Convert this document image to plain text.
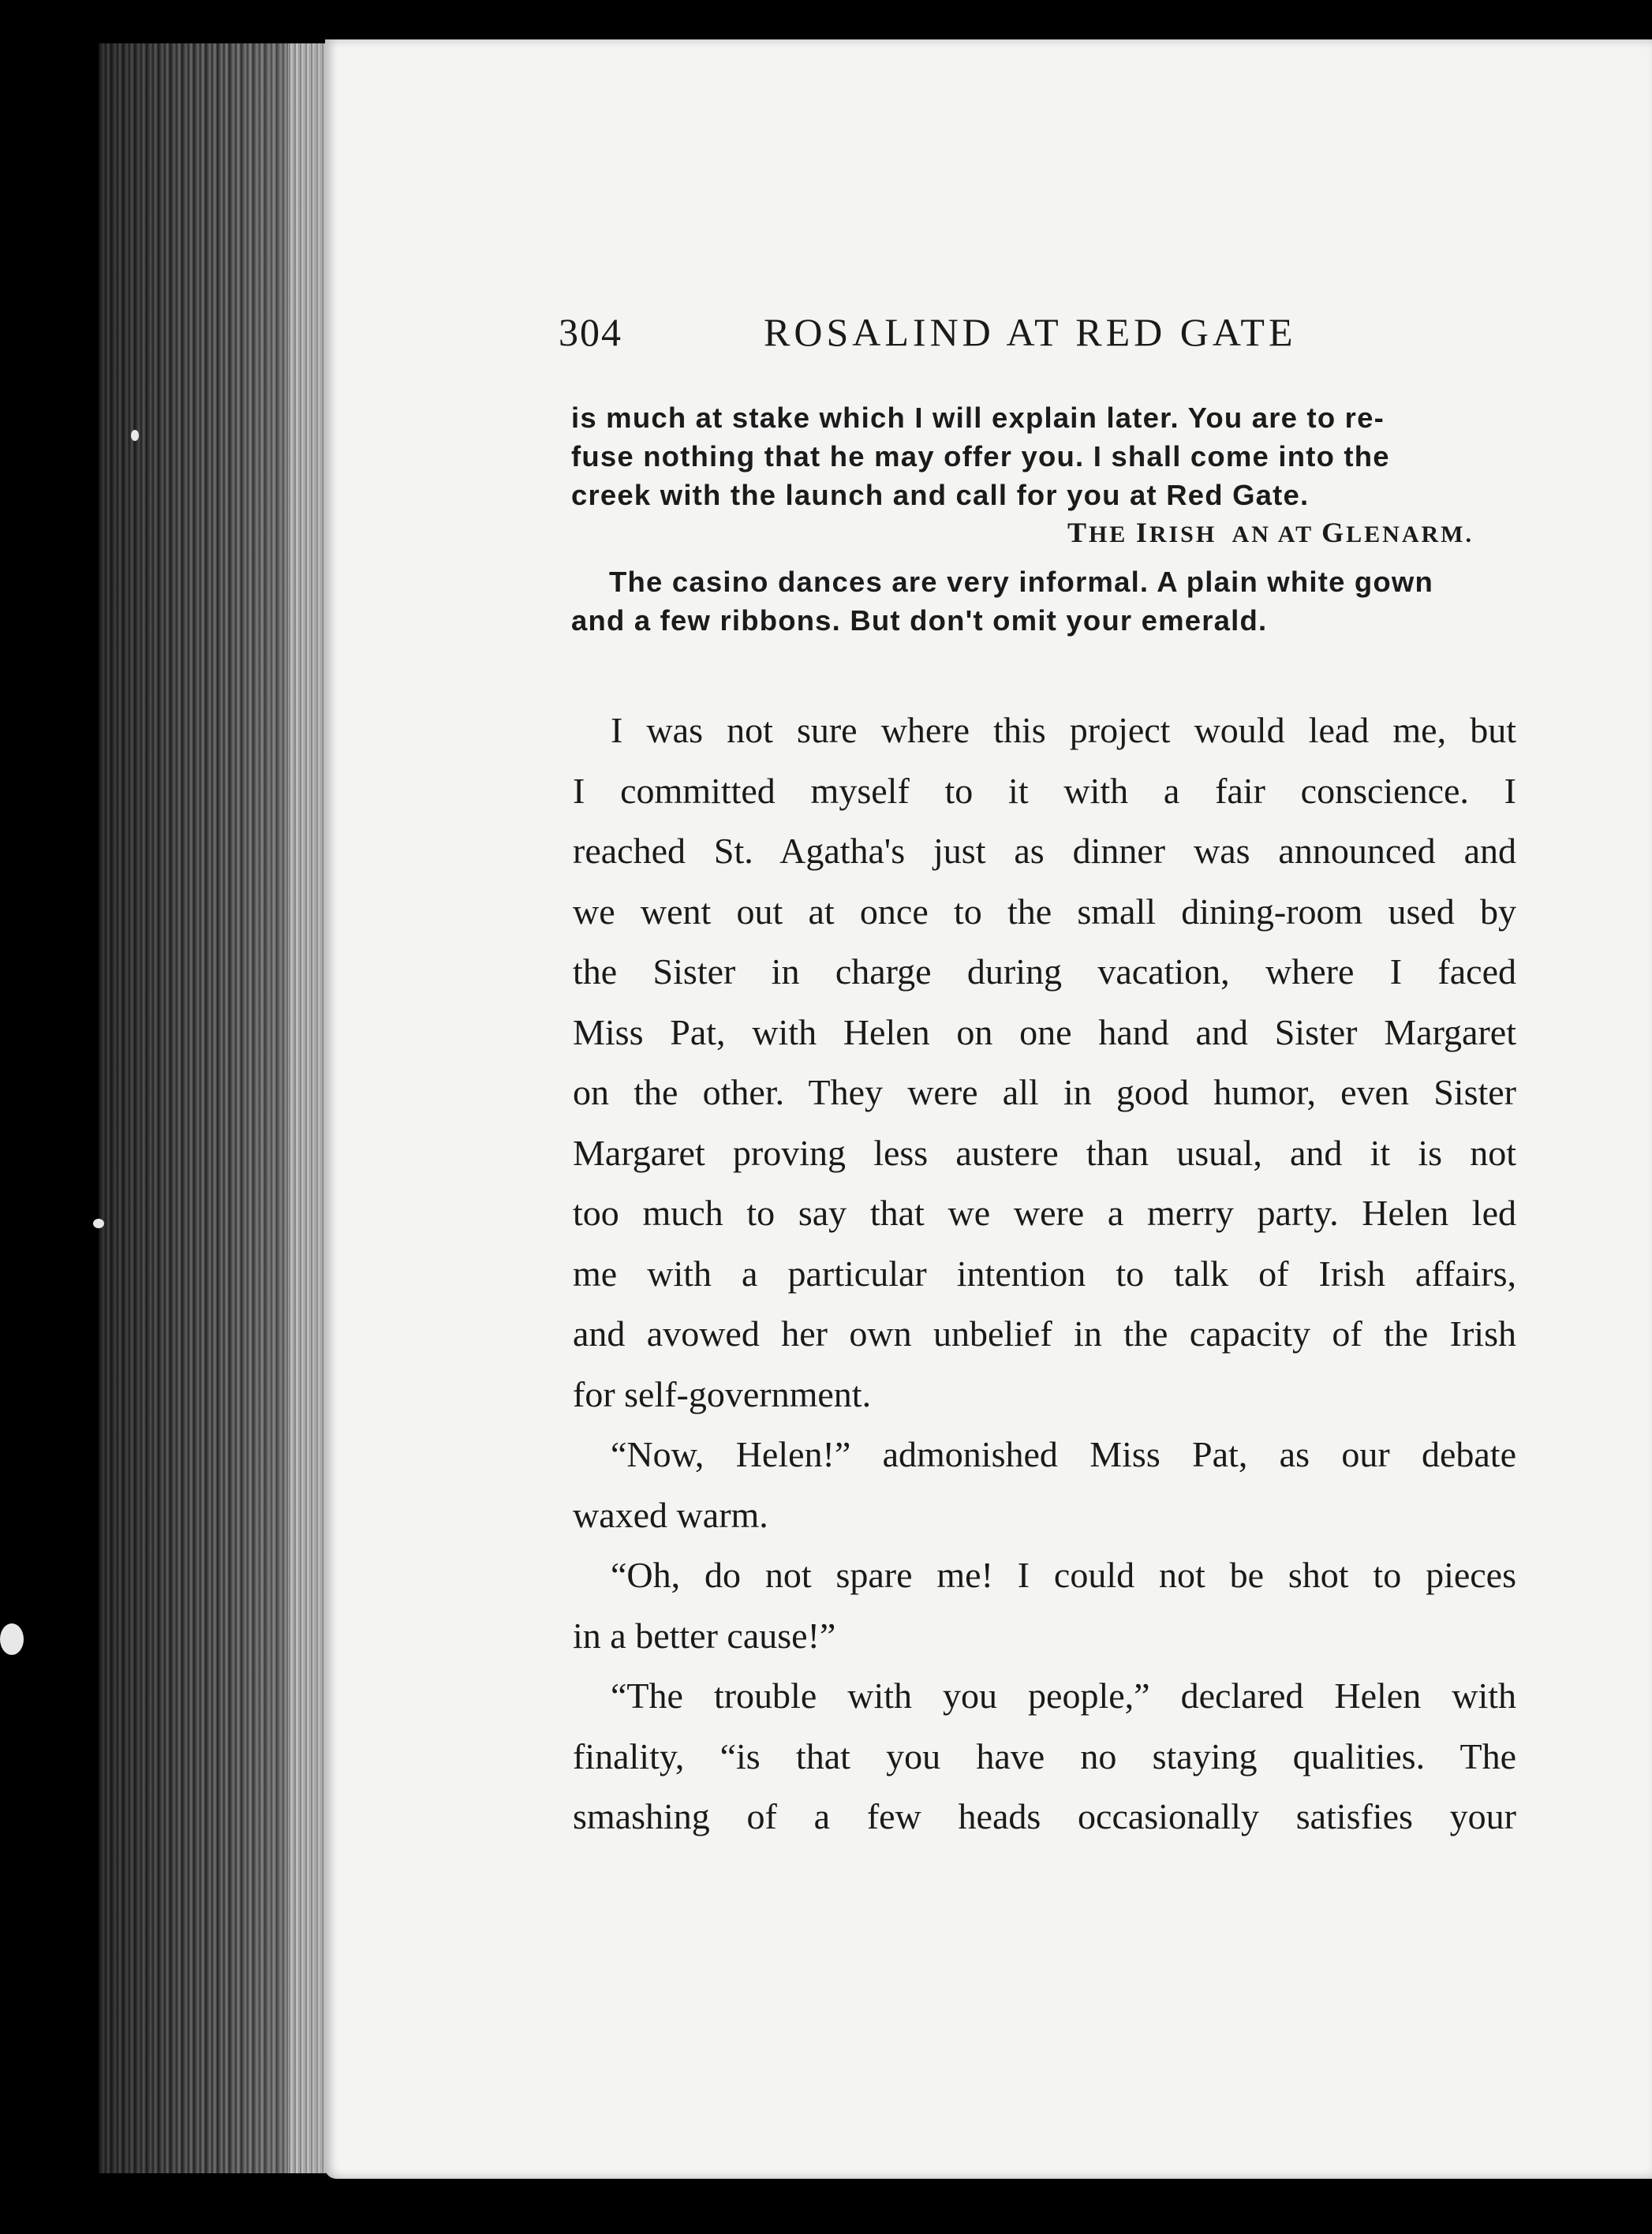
304	ROSALIND AT RED GATE
is much at stake which I will explain later. You are to re-
fuse nothing that he may offer you. I shall come into the
creek with the launch and call for you at Red Gate.
THE IRISH AN AT GLENARM.
The casino dances are very informal. A plain white gown
and a few ribbons. But don't omit your emerald.
I was not sure where this project would lead me, but
I committed myself to it with a fair conscience. I
reached St. Agatha's just as dinner was announced and
we went out at once to the small dining-room used by
the Sister in charge during vacation, where I faced
Miss Pat, with Helen on one hand and Sister Margaret
on the other. They were all in good humor, even Sister
Margaret proving less austere than usual, and it is not
too much to say that we were a merry party. Helen led
me with a particular intention to talk of Irish affairs,
and avowed her own unbelief in the capacity of the Irish
for self-government.
“Now, Helen!” admonished Miss Pat, as our debate
waxed warm.
“Oh, do not spare me! I could not be shot to pieces
in a better cause!”
“The trouble with you people,” declared Helen with
finality, “is that you have no staying qualities. The
smashing of a few heads occasionally satisfies your
